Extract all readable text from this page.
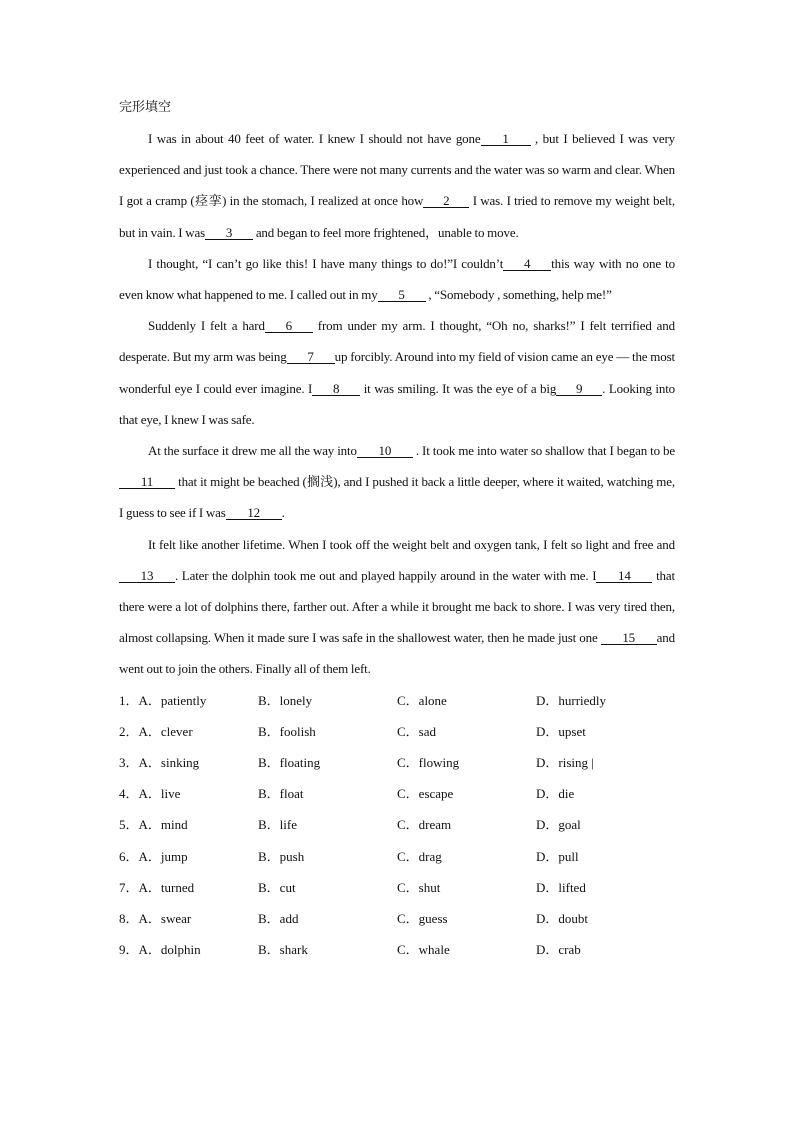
完形填空

I was in about 40 feet of water. I knew I should not have gone 1 , but I believed I was very experienced and just took a chance. There were not many currents and the water was so warm and clear. When I got a cramp (痉挛) in the stomach, I realized at once how 2 I was. I tried to remove my weight belt, but in vain. I was 3 and began to feel more frightened，unable to move.

I thought, “I can’t go like this! I have many things to do!”I couldn’t 4 this way with no one to even know what happened to me. I called out in my 5 , “Somebody , something, help me!”

Suddenly I felt a hard 6 from under my arm. I thought, “Oh no, sharks!” I felt terrified and desperate. But my arm was being 7 up forcibly. Around into my field of vision came an eye — the most wonderful eye I could ever imagine. I 8 it was smiling. It was the eye of a big 9 . Looking into that eye, I knew I was safe.

At the surface it drew me all the way into 10 . It took me into water so shallow that I began to be11 that it might be beached (搁浅), and I pushed it back a little deeper, where it waited, watching me, I guess to see if I was 12 .

It felt like another lifetime. When I took off the weight belt and oxygen tank, I felt so light and free and13 . Later the dolphin took me out and played happily around in the water with me. I 14 that there were a lot of dolphins there, farther out. After a while it brought me back to shore. I was very tired then, almost collapsing. When it made sure I was safe in the shallowest water, then he made just one 15 and went out to join the others. Finally all of them left.

1．A．patiently	B．lonely	C．alone	D．hurriedly
2．A．clever	B．foolish	C．sad	D．upset
3．A．sinking	B．floating	C．flowing	D．rising |
4．A．live	B．float	C．escape	D．die
5．A．mind	B．life	C．dream	D．goal
6．A．jump	B．push	C．drag	D．pull
7．A．turned	B．cut	C．shut	D．lifted
8．A．swear	B．add	C．guess	D．doubt
9．A．dolphin	B．shark	C．whale	D．crab
